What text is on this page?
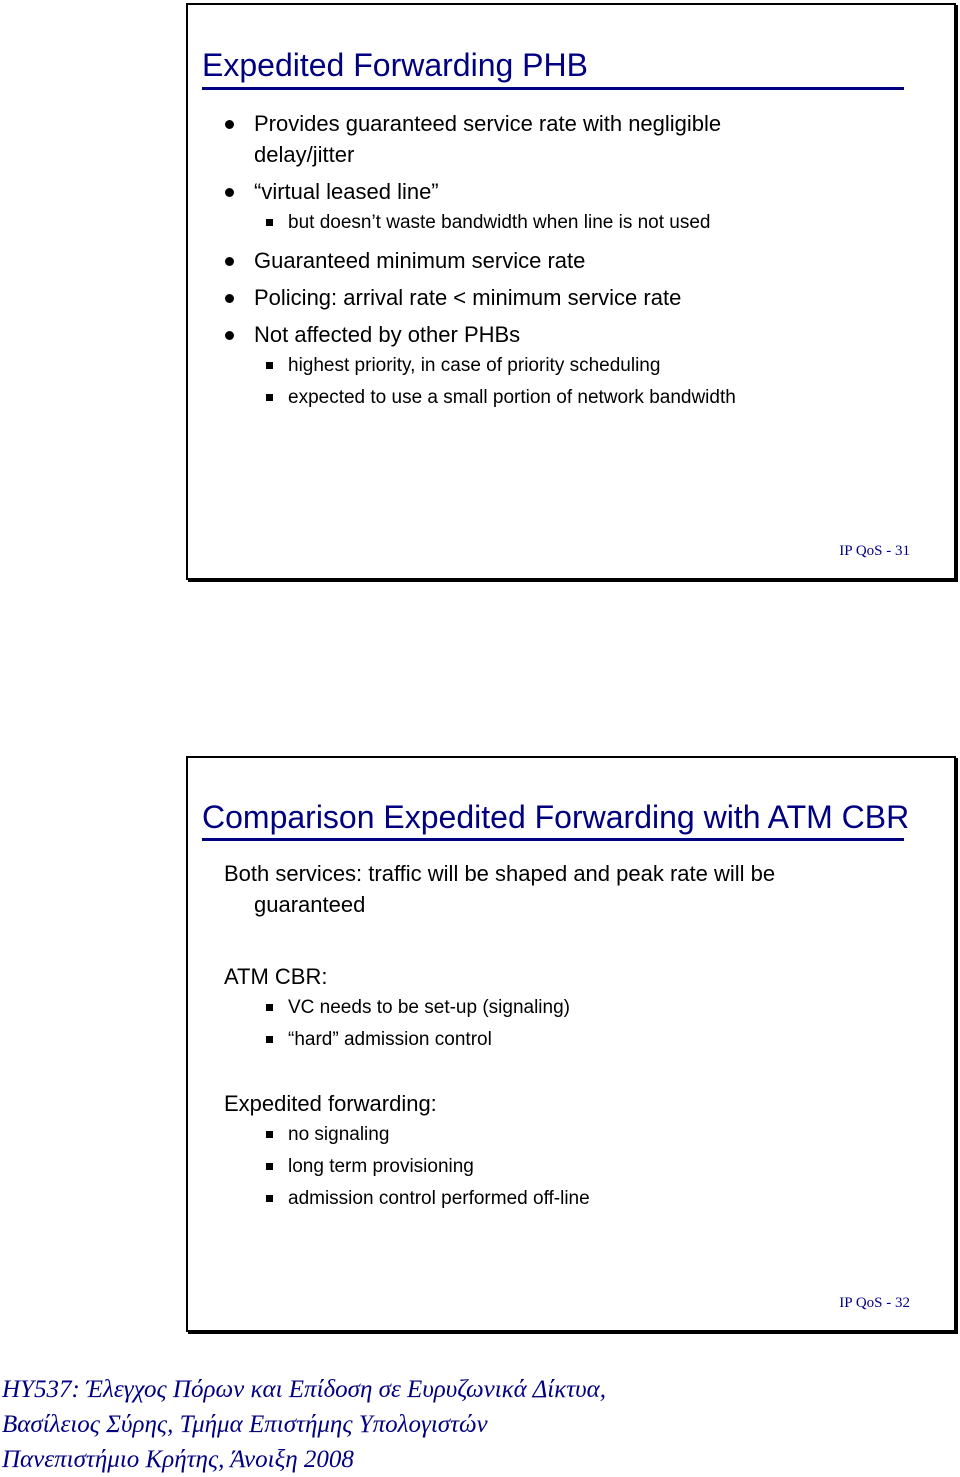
Expedited Forwarding PHB
Provides guaranteed service rate with negligible
delay/jitter
“virtual leased line”
but doesn’t waste bandwidth when line is not used
Guaranteed minimum service rate
Policing: arrival rate < minimum service rate
Not affected by other PHBs
highest priority, in case of priority scheduling
expected to use a small portion of network bandwidth
IP QoS - 31
Comparison Expedited Forwarding with ATM CBR
Both services: traffic will be shaped and peak rate will be
guaranteed
ATM CBR:
VC needs to be set-up (signaling)
“hard” admission control
Expedited forwarding:
no signaling
long term provisioning
admission control performed off-line
IP QoS - 32
HY537: Έλεγχος Πόρων και Επίδοση σε Ευρυζωνικά Δίκτυα,
Βασίλειος Σύρης, Τμήμα Επιστήμης Υπολογιστών
Πανεπιστήμιο Κρήτης, Άνοιξη 2008
